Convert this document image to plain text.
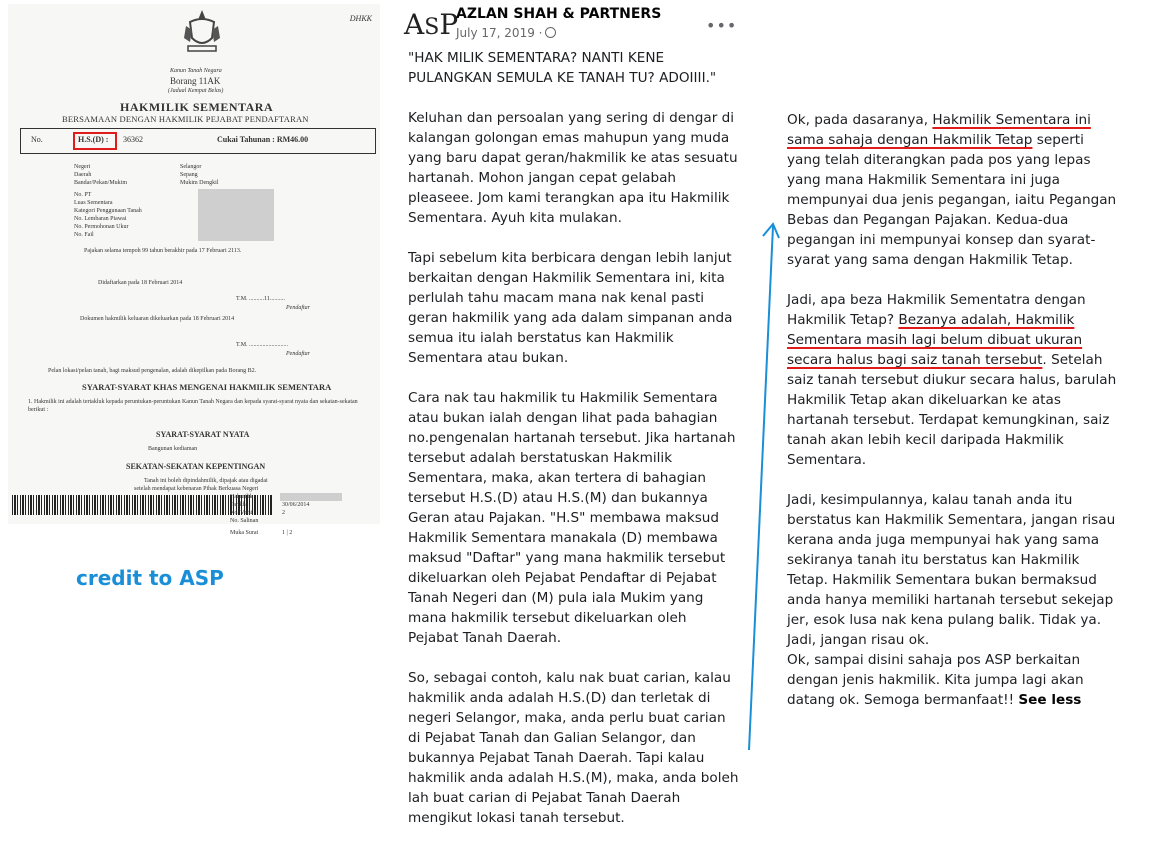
DHKK
Kanun Tanah Negara
Borang 11AK
(Jadual Kempat Belas)
HAKMILIK SEMENTARA
BERSAMAAN DENGAN HAKMILIK PEJABAT PENDAFTARAN
No.	H.S.(D) : 36362	Cukai Tahunan : RM46.00
Negeri	Selangor
Daerah	Sepang
Bandar/Pekan/Mukim	Mukim Dengkil
No. PT
Luas Sementara
Kategori Penggunaan Tanah
No. Lembaran Piawai
No. Permohonan Ukur
No. Fail
Pajakan selama tempoh 99 tahun berakhir pada 17 Februari 2113.
Didaftarkan pada 18 Februari 2014
T.M. ..........11..........
Pendaftar
Dokumen hakmilik keluaran dikeluarkan pada 18 Februari 2014
T.M. ..........................
Pendaftar
Pelan lokasi/pelan tanah, bagi maksud pengenalan, adalah dikepilkan pada Borang B2.
SYARAT-SYARAT KHAS MENGENAI HAKMILIK SEMENTARA
1. Hakmilik ini adalah tertakluk kepada peruntukan-peruntukan Kanun Tanah Negara dan kepada syarat-syarat nyata dan sekatan-sekatan berikut :
SYARAT-SYARAT NYATA
Bangunan kediaman
SEKATAN-SEKATAN KEPENTINGAN
Tanah ini boleh dipindahmilik, dipajak atau digadai
setelah mendapat kebenaran Pihak Berkuasa Negeri
Hakmilik
Tarikh	30/06/2014
No. Versi	2
No. Salinan
Muka Surat	1 | 2
credit to ASP
ASP
AZLAN SHAH & PARTNERS
July 17, 2019 ·	•••

"HAK MILIK SEMENTARA? NANTI KENE PULANGKAN SEMULA KE TANAH TU? ADOIIII."

Keluhan dan persoalan yang sering di dengar di kalangan golongan emas mahupun yang muda yang baru dapat geran/hakmilik ke atas sesuatu hartanah. Mohon jangan cepat gelabah pleaseee. Jom kami terangkan apa itu Hakmilik Sementara. Ayuh kita mulakan.

Tapi sebelum kita berbicara dengan lebih lanjut berkaitan dengan Hakmilik Sementara ini, kita perlulah tahu macam mana nak kenal pasti geran hakmilik yang ada dalam simpanan anda semua itu ialah berstatus kan Hakmilik Sementara atau bukan.

Cara nak tau hakmilik tu Hakmilik Sementara atau bukan ialah dengan lihat pada bahagian no.pengenalan hartanah tersebut. Jika hartanah tersebut adalah berstatuskan Hakmilik Sementara, maka, akan tertera di bahagian tersebut H.S.(D) atau H.S.(M) dan bukannya Geran atau Pajakan. "H.S" membawa maksud Hakmilik Sementara manakala (D) membawa maksud "Daftar" yang mana hakmilik tersebut dikeluarkan oleh Pejabat Pendaftar di Pejabat Tanah Negeri dan (M) pula iala Mukim yang mana hakmilik tersebut dikeluarkan oleh Pejabat Tanah Daerah.

So, sebagai contoh, kalu nak buat carian, kalau hakmilik anda adalah H.S.(D) dan terletak di negeri Selangor, maka, anda perlu buat carian di Pejabat Tanah dan Galian Selangor, dan bukannya Pejabat Tanah Daerah. Tapi kalau hakmilik anda adalah H.S.(M), maka, anda boleh lah buat carian di Pejabat Tanah Daerah mengikut lokasi tanah tersebut.

Ok, pada dasaranya, Hakmilik Sementara ini sama sahaja dengan Hakmilik Tetap seperti yang telah diterangkan pada pos yang lepas yang mana Hakmilik Sementara ini juga mempunyai dua jenis pegangan, iaitu Pegangan Bebas dan Pegangan Pajakan. Kedua-dua pegangan ini mempunyai konsep dan syarat-syarat yang sama dengan Hakmilik Tetap.

Jadi, apa beza Hakmilik Sementatra dengan Hakmilik Tetap? Bezanya adalah, Hakmilik Sementara masih lagi belum dibuat ukuran secara halus bagi saiz tanah tersebut. Setelah saiz tanah tersebut diukur secara halus, barulah Hakmilik Tetap akan dikeluarkan ke atas hartanah tersebut. Terdapat kemungkinan, saiz tanah akan lebih kecil daripada Hakmilik Sementara.

Jadi, kesimpulannya, kalau tanah anda itu berstatus kan Hakmilik Sementara, jangan risau kerana anda juga mempunyai hak yang sama sekiranya tanah itu berstatus kan Hakmilik Tetap. Hakmilik Sementara bukan bermaksud anda hanya memiliki hartanah tersebut sekejap jer, esok lusa nak kena pulang balik. Tidak ya. Jadi, jangan risau ok.

Ok, sampai disini sahaja pos ASP berkaitan dengan jenis hakmilik. Kita jumpa lagi akan datang ok. Semoga bermanfaat!! See less
